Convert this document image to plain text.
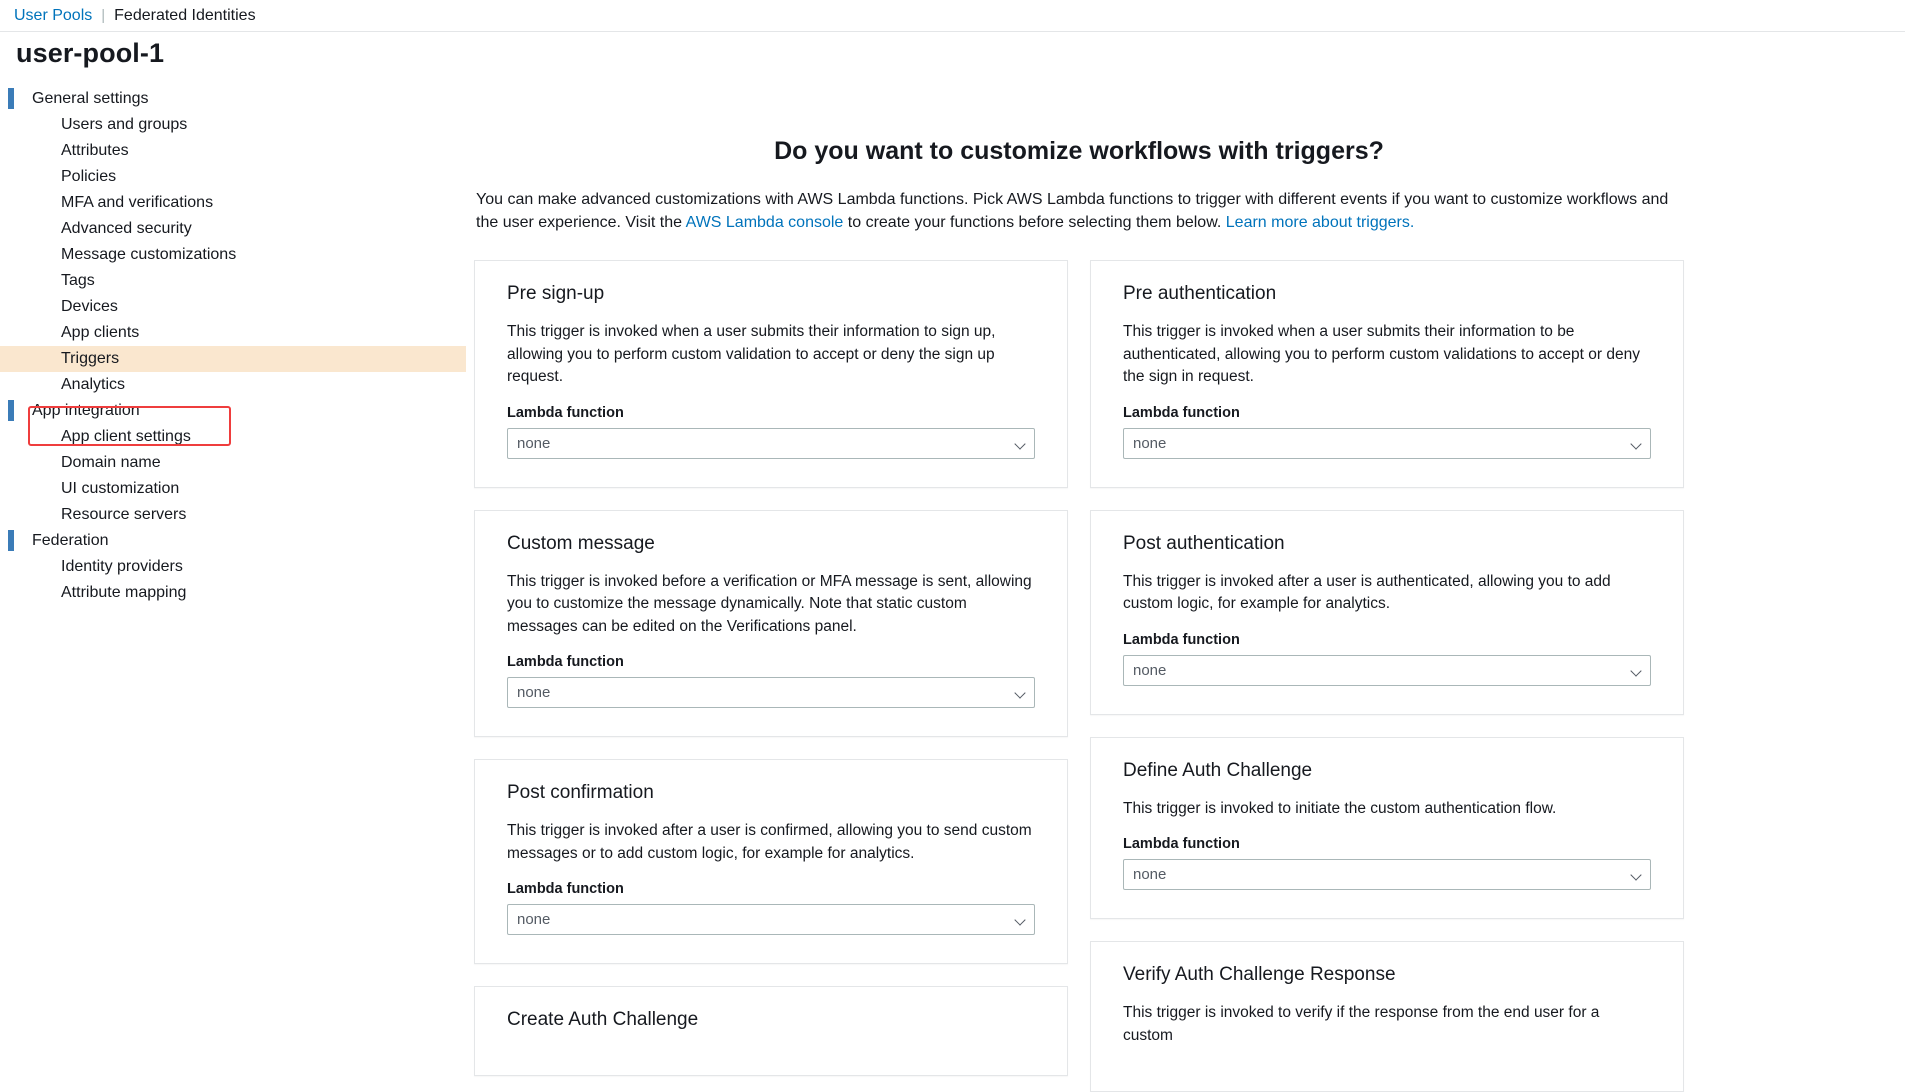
User Pools | Federated Identities
user-pool-1
General settings
Users and groups
Attributes
Policies
MFA and verifications
Advanced security
Message customizations
Tags
Devices
App clients
Triggers
Analytics
App integration
App client settings
Domain name
UI customization
Resource servers
Federation
Identity providers
Attribute mapping
Do you want to customize workflows with triggers?

You can make advanced customizations with AWS Lambda functions. Pick AWS Lambda functions to trigger with different events if you want to customize workflows and the user experience. Visit the AWS Lambda console to create your functions before selecting them below. Learn more about triggers.

Pre sign-up

This trigger is invoked when a user submits their information to sign up, allowing you to perform custom validation to accept or deny the sign up request.

Lambda function
none
Custom message

This trigger is invoked before a verification or MFA message is sent, allowing you to customize the message dynamically. Note that static custom messages can be edited on the Verifications panel.

Lambda function
none
Post confirmation

This trigger is invoked after a user is confirmed, allowing you to send custom messages or to add custom logic, for example for analytics.

Lambda function
none
Create Auth Challenge
Pre authentication

This trigger is invoked when a user submits their information to be authenticated, allowing you to perform custom validations to accept or deny the sign in request.

Lambda function
none
Post authentication

This trigger is invoked after a user is authenticated, allowing you to add custom logic, for example for analytics.

Lambda function
none
Define Auth Challenge

This trigger is invoked to initiate the custom authentication flow.

Lambda function
none
Verify Auth Challenge Response

This trigger is invoked to verify if the response from the end user for a custom
